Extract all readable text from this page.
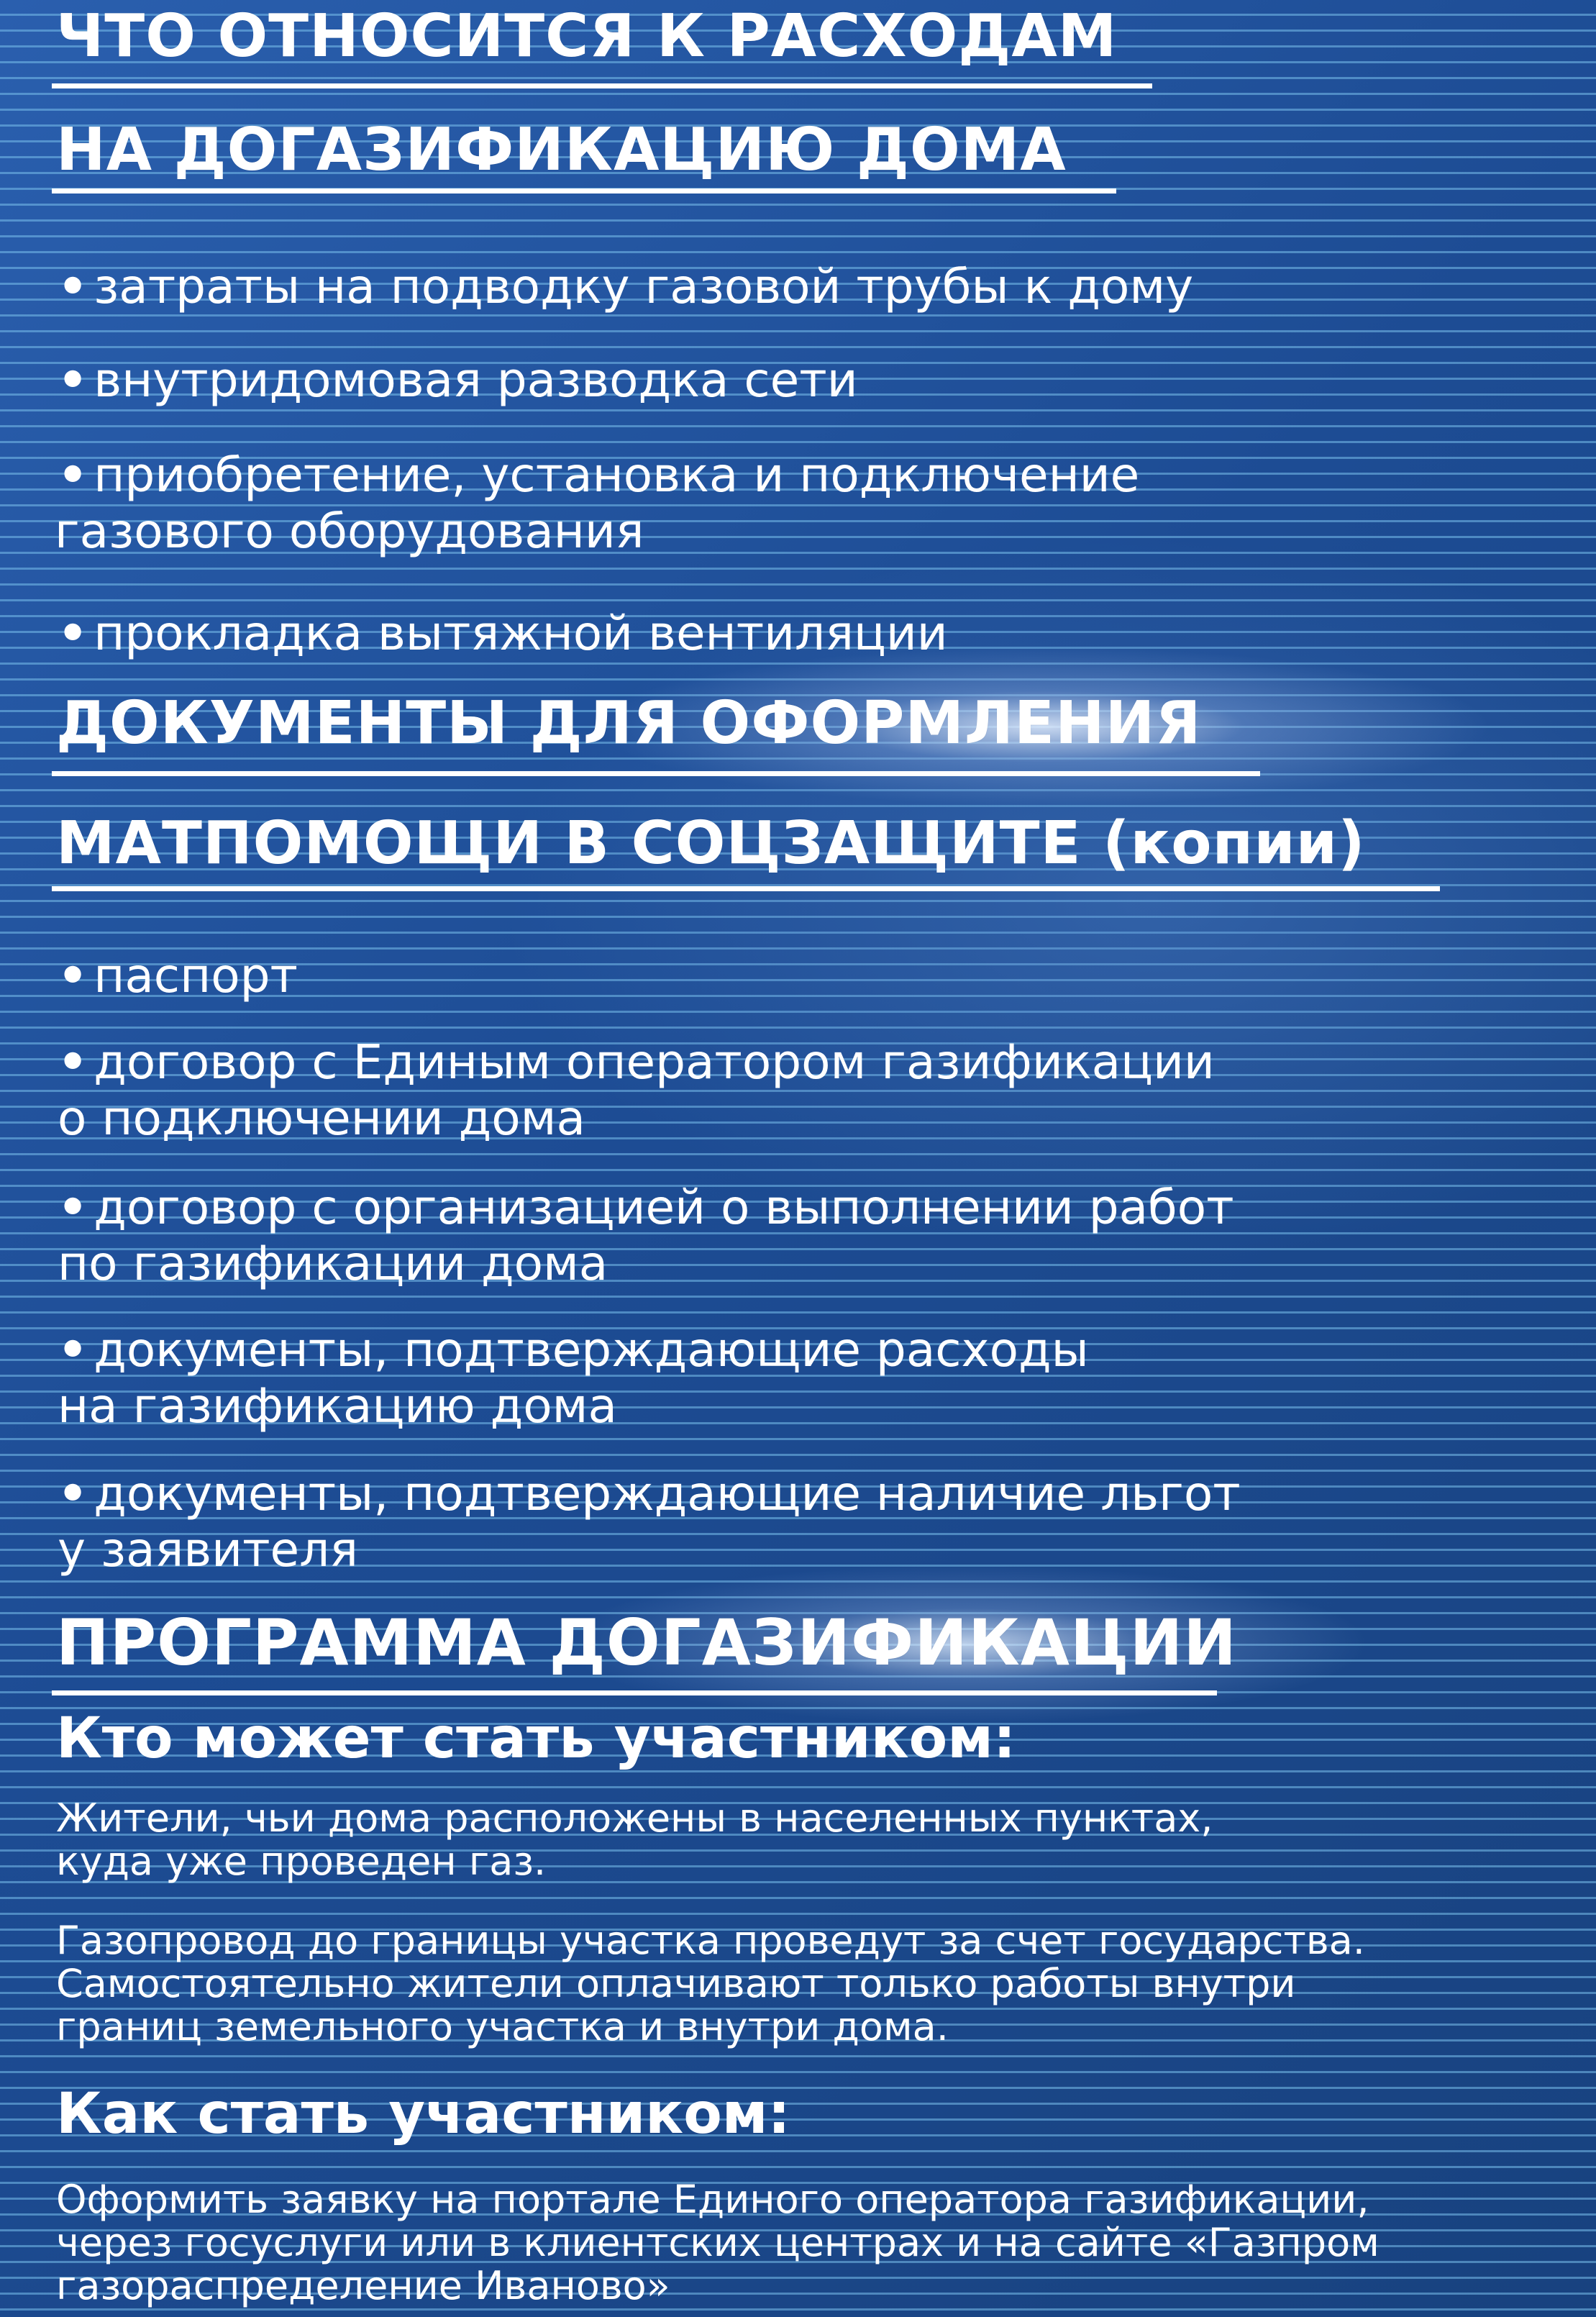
ЧТО ОТНОСИТСЯ К РАСХОДАМ
НА ДОГАЗИФИКАЦИЮ ДОМА

• затраты на подводку газовой трубы к дому

• внутридомовая разводка сети

• приобретение, установка и подключение
газового оборудования

• прокладка вытяжной вентиляции

ДОКУМЕНТЫ ДЛЯ ОФОРМЛЕНИЯ
МАТПОМОЩИ В СОЦЗАЩИТЕ (копии)

• паспорт

• договор с Единым оператором газификации
о подключении дома

• договор с организацией о выполнении работ
по газификации дома

• документы, подтверждающие расходы
на газификацию дома

• документы, подтверждающие наличие льгот
у заявителя

ПРОГРАММА ДОГАЗИФИКАЦИИ
Кто может стать участником:

Жители, чьи дома расположены в населенных пунктах,
куда уже проведен газ.

Газопровод до границы участка проведут за счет государства.
Самостоятельно жители оплачивают только работы внутри
границ земельного участка и внутри дома.

Как стать участником:

Оформить заявку на портале Единого оператора газификации,
через госуслуги или в клиентских центрах и на сайте «Газпром
газораспределение Иваново»
